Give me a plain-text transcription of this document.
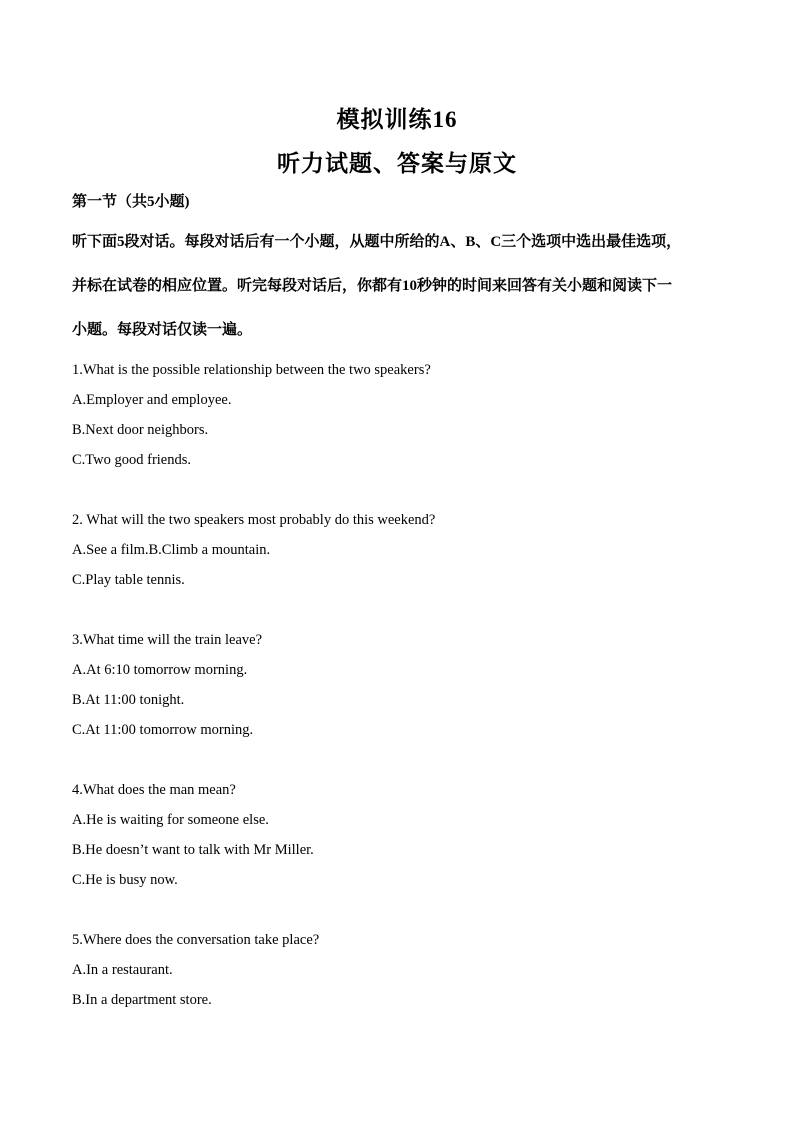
模拟训练16
听力试题、答案与原文
第一节（共5小题)
听下面5段对话。每段对话后有一个小题，从题中所给的A、B、C三个选项中选出最佳选项，
并标在试卷的相应位置。听完每段对话后，你都有10秒钟的时间来回答有关小题和阅读下一
小题。每段对话仅读一遍。
1.What is the possible relationship between the two speakers?
A.Employer and employee.
B.Next door neighbors.
C.Two good friends.
2. What will the two speakers most probably do this weekend?
A.See a film.B.Climb a mountain.
C.Play table tennis.
3.What time will the train leave?
A.At 6:10 tomorrow morning.
B.At 11:00 tonight.
C.At 11:00 tomorrow morning.
4.What does the man mean?
A.He is waiting for someone else.
B.He doesn’t want to talk with Mr Miller.
C.He is busy now.
5.Where does the conversation take place?
A.In a restaurant.
B.In a department store.
